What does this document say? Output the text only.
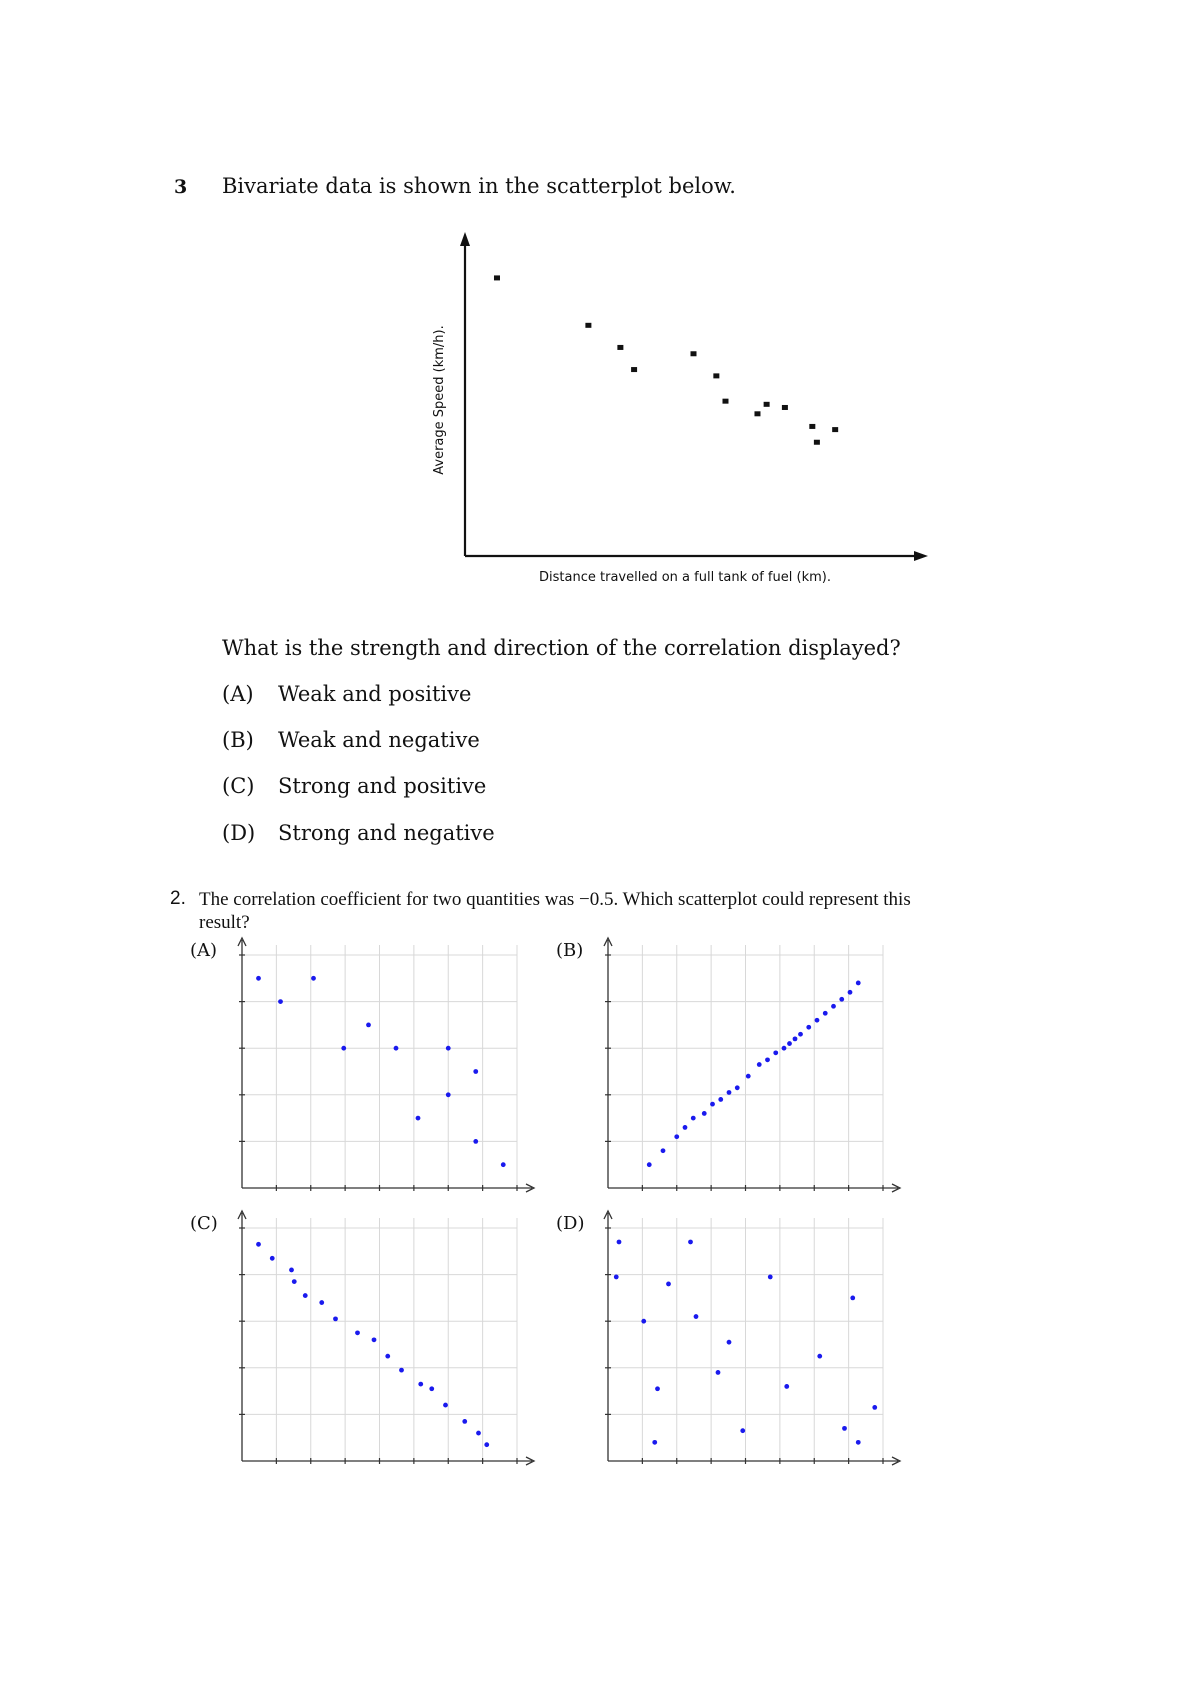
3 Bivariate data is shown in the scatterplot below.
Average Speed (km/h).
Distance travelled on a full tank of fuel (km).
What is the strength and direction of the correlation displayed?
(A) Weak and positive
(B) Weak and negative
(C) Strong and positive
(D) Strong and negative
2. The correlation coefficient for two quantities was −0.5. Which scatterplot could represent this result?
(A)	(B)
(C)	(D)
